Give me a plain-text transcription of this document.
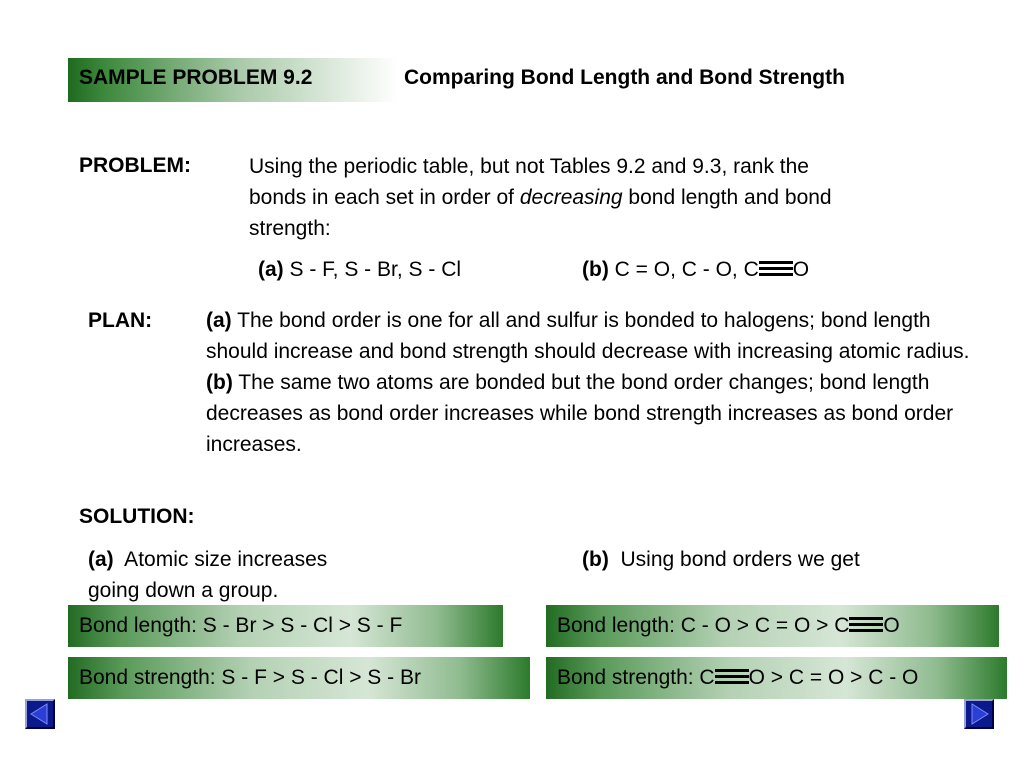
SAMPLE PROBLEM 9.2	Comparing Bond Length and Bond Strength
PROBLEM:	Using the periodic table, but not Tables 9.2 and 9.3, rank the
bonds in each set in order of decreasing bond length and bond
strength:
(a) S - F, S - Br, S - Cl	(b) C = O, C - O, C O
PLAN:	(a) The bond order is one for all and sulfur is bonded to halogens; bond length should increase and bond strength should decrease with increasing atomic radius. (b) The same two atoms are bonded but the bond order changes; bond length decreases as bond order increases while bond strength increases as bond order increases.
SOLUTION:
(a)  Atomic size increases
going down a group.
(b)  Using bond orders we get
Bond length: S - Br > S - Cl > S - F
Bond strength: S - F > S - Cl > S - Br
Bond length: C - O > C = O > C O
Bond strength: C O > C = O > C - O
